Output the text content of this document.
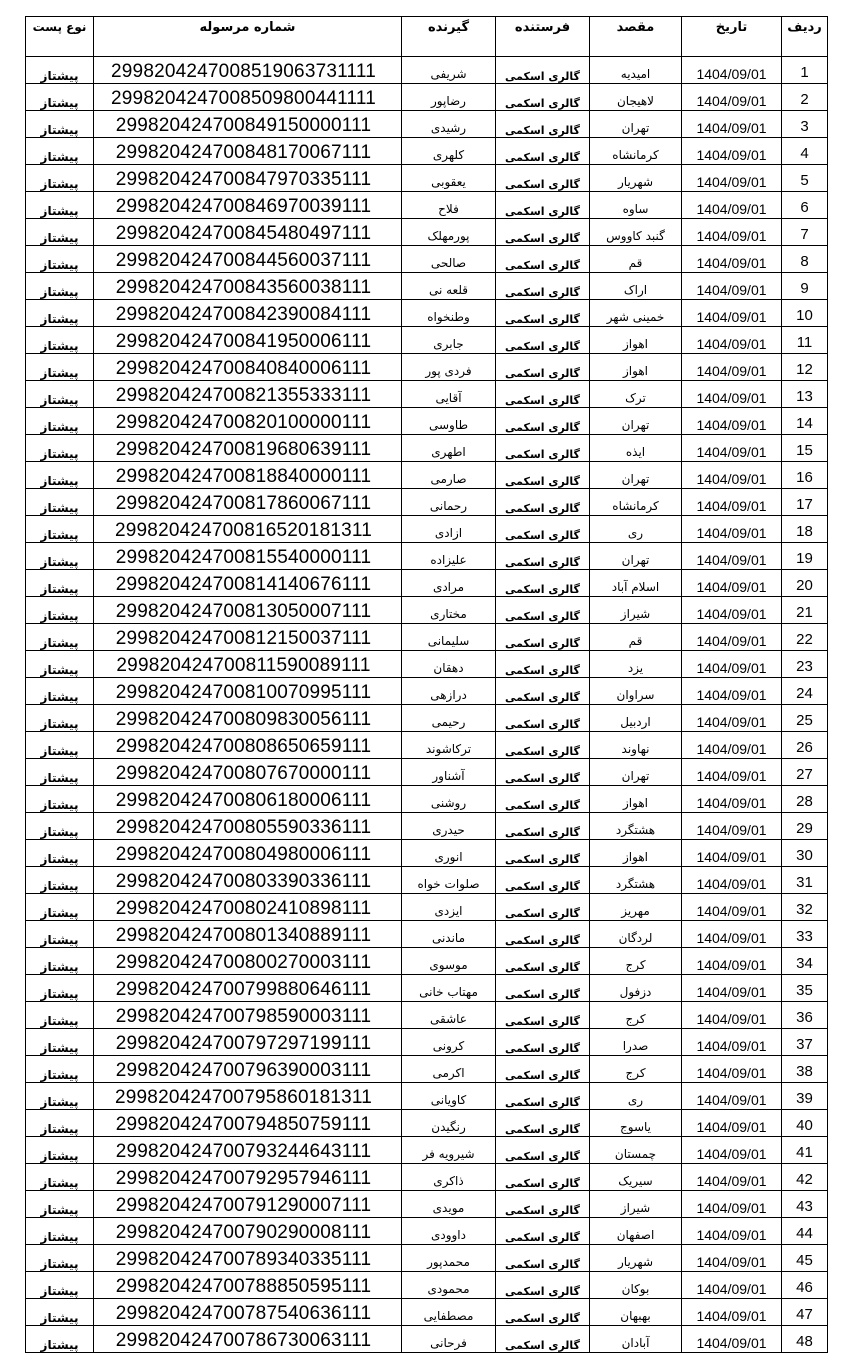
ردیف	تاریخ	مقصد	فرستنده	گیرنده	شماره مرسوله	نوع پست
1	1404/09/01	امیدیه	گالری اسکمی	شریفی	2998204247008519063731111	پیشتاز
2	1404/09/01	لاهیجان	گالری اسکمی	رضاپور	2998204247008509800441111	پیشتاز
3	1404/09/01	تهران	گالری اسکمی	رشیدی	299820424700849150000111	پیشتاز
4	1404/09/01	کرمانشاه	گالری اسکمی	کلهری	299820424700848170067111	پیشتاز
5	1404/09/01	شهریار	گالری اسکمی	یعقوبی	299820424700847970335111	پیشتاز
6	1404/09/01	ساوه	گالری اسکمی	فلاح	299820424700846970039111	پیشتاز
7	1404/09/01	گنبد کاووس	گالری اسکمی	پورمهلک	299820424700845480497111	پیشتاز
8	1404/09/01	قم	گالری اسکمی	صالحی	299820424700844560037111	پیشتاز
9	1404/09/01	اراک	گالری اسکمی	قلعه نی	299820424700843560038111	پیشتاز
10	1404/09/01	خمینی شهر	گالری اسکمی	وطنخواه	299820424700842390084111	پیشتاز
11	1404/09/01	اهواز	گالری اسکمی	جابری	299820424700841950006111	پیشتاز
12	1404/09/01	اهواز	گالری اسکمی	فردی پور	299820424700840840006111	پیشتاز
13	1404/09/01	ترک	گالری اسکمی	آقایی	299820424700821355333111	پیشتاز
14	1404/09/01	تهران	گالری اسکمی	طاوسی	299820424700820100000111	پیشتاز
15	1404/09/01	ایذه	گالری اسکمی	اطهری	299820424700819680639111	پیشتاز
16	1404/09/01	تهران	گالری اسکمی	صارمی	299820424700818840000111	پیشتاز
17	1404/09/01	کرمانشاه	گالری اسکمی	رحمانی	299820424700817860067111	پیشتاز
18	1404/09/01	ری	گالری اسکمی	ازادی	299820424700816520181311	پیشتاز
19	1404/09/01	تهران	گالری اسکمی	علیزاده	299820424700815540000111	پیشتاز
20	1404/09/01	اسلام آباد	گالری اسکمی	مرادی	299820424700814140676111	پیشتاز
21	1404/09/01	شیراز	گالری اسکمی	مختاری	299820424700813050007111	پیشتاز
22	1404/09/01	قم	گالری اسکمی	سلیمانی	299820424700812150037111	پیشتاز
23	1404/09/01	یزد	گالری اسکمی	دهقان	299820424700811590089111	پیشتاز
24	1404/09/01	سراوان	گالری اسکمی	درازهی	299820424700810070995111	پیشتاز
25	1404/09/01	اردبیل	گالری اسکمی	رحیمی	299820424700809830056111	پیشتاز
26	1404/09/01	نهاوند	گالری اسکمی	ترکاشوند	299820424700808650659111	پیشتاز
27	1404/09/01	تهران	گالری اسکمی	آشناور	299820424700807670000111	پیشتاز
28	1404/09/01	اهواز	گالری اسکمی	روشنی	299820424700806180006111	پیشتاز
29	1404/09/01	هشتگرد	گالری اسکمی	حیدری	299820424700805590336111	پیشتاز
30	1404/09/01	اهواز	گالری اسکمی	انوری	299820424700804980006111	پیشتاز
31	1404/09/01	هشتگرد	گالری اسکمی	صلوات خواه	299820424700803390336111	پیشتاز
32	1404/09/01	مهریز	گالری اسکمی	ایزدی	299820424700802410898111	پیشتاز
33	1404/09/01	لردگان	گالری اسکمی	ماندنی	299820424700801340889111	پیشتاز
34	1404/09/01	کرج	گالری اسکمی	موسوی	299820424700800270003111	پیشتاز
35	1404/09/01	دزفول	گالری اسکمی	مهتاب خانی	299820424700799880646111	پیشتاز
36	1404/09/01	کرج	گالری اسکمی	عاشقی	299820424700798590003111	پیشتاز
37	1404/09/01	صدرا	گالری اسکمی	کرونی	299820424700797297199111	پیشتاز
38	1404/09/01	کرج	گالری اسکمی	اکرمی	299820424700796390003111	پیشتاز
39	1404/09/01	ری	گالری اسکمی	کاویانی	299820424700795860181311	پیشتاز
40	1404/09/01	یاسوج	گالری اسکمی	رنگیدن	299820424700794850759111	پیشتاز
41	1404/09/01	چمستان	گالری اسکمی	شیرویه فر	299820424700793244643111	پیشتاز
42	1404/09/01	سیریک	گالری اسکمی	ذاکری	299820424700792957946111	پیشتاز
43	1404/09/01	شیراز	گالری اسکمی	مویدی	299820424700791290007111	پیشتاز
44	1404/09/01	اصفهان	گالری اسکمی	داوودی	299820424700790290008111	پیشتاز
45	1404/09/01	شهریار	گالری اسکمی	محمدپور	299820424700789340335111	پیشتاز
46	1404/09/01	بوکان	گالری اسکمی	محمودی	299820424700788850595111	پیشتاز
47	1404/09/01	بهبهان	گالری اسکمی	مصطفایی	299820424700787540636111	پیشتاز
48	1404/09/01	آبادان	گالری اسکمی	فرحانی	299820424700786730063111	پیشتاز
